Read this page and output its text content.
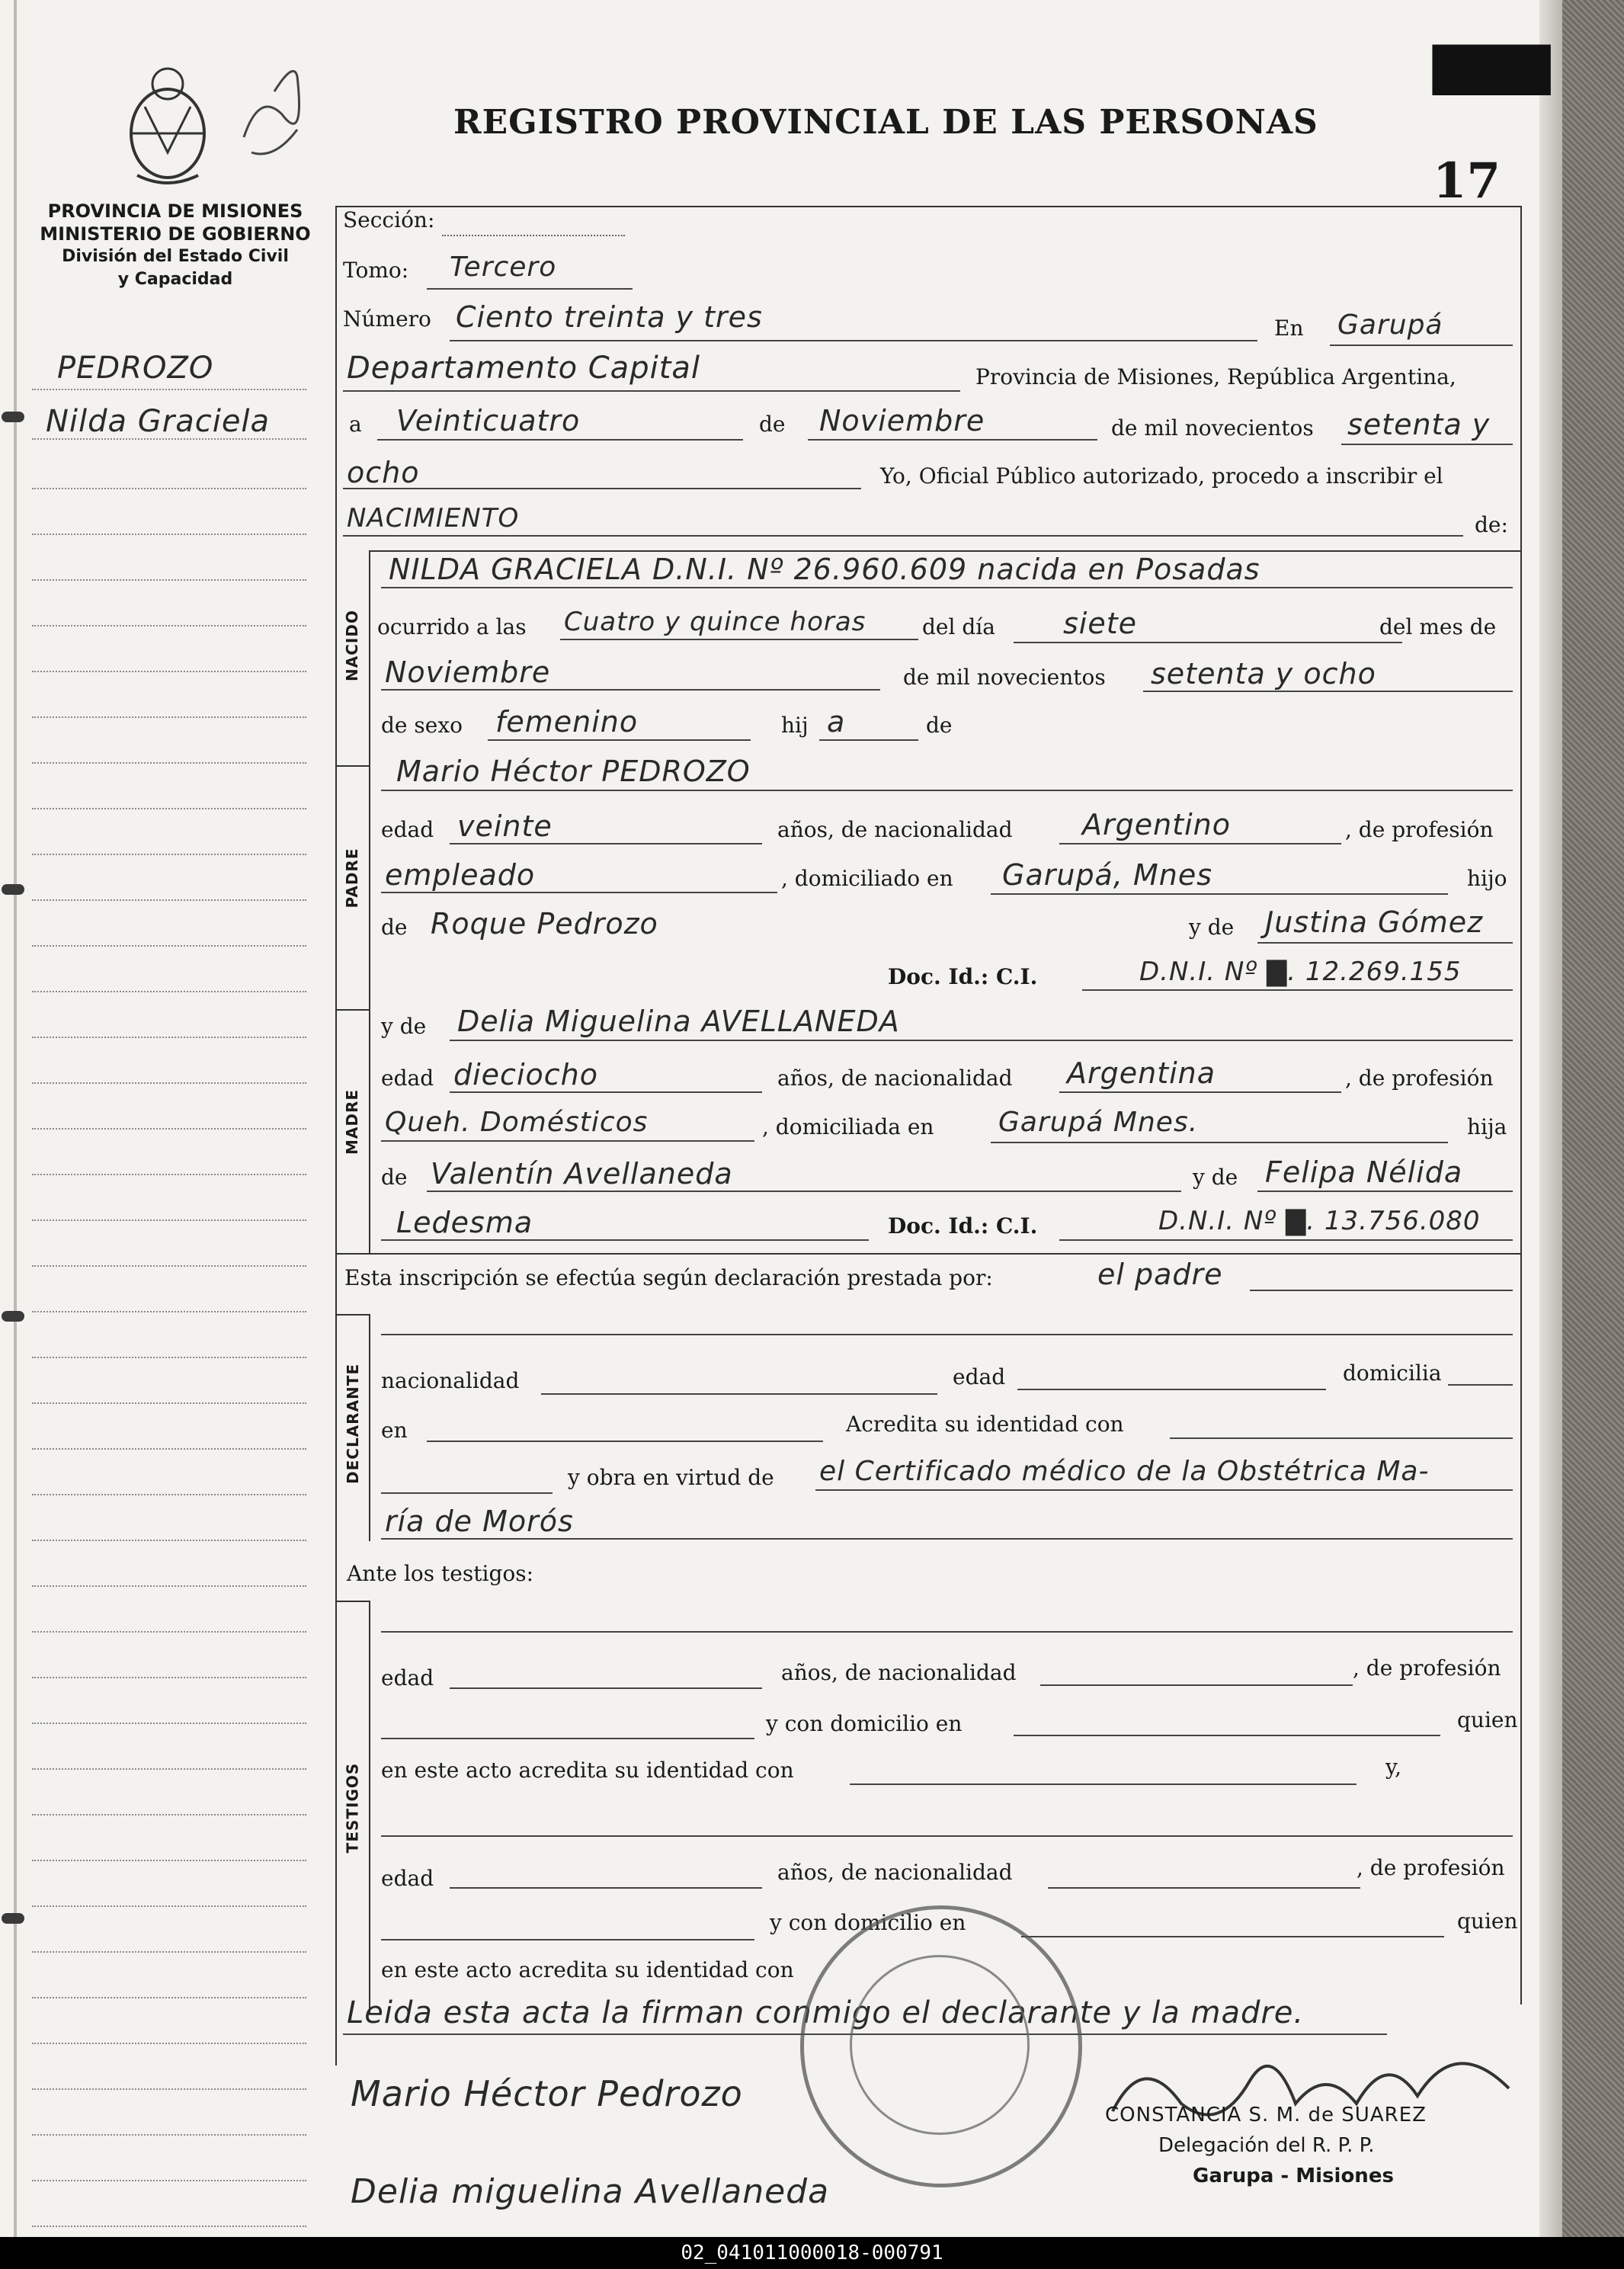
PROVINCIA DE MISIONES
MINISTERIO DE GOBIERNO
División del Estado Civil
y Capacidad
REGISTRO PROVINCIAL DE LAS PERSONAS
17
████
PEDROZO
Nilda Graciela
Sección:
Tomo: Tercero
Número Ciento treinta y tres	En Garupá
Departamento Capital	Provincia de Misiones, República Argentina,
a Veinticuatro	de Noviembre	de mil novecientos setenta y
ocho	Yo, Oficial Público autorizado, procedo a inscribir el
NACIMIENTO	de:
NACIDO
NILDA GRACIELA D.N.I. Nº 26.960.609 nacida en Posadas
ocurrido a las Cuatro y quince horas	del día siete	del mes de
Noviembre	de mil novecientos setenta y ocho
de sexo femenino	hij a	de
PADRE
Mario Héctor PEDROZO
edad veinte	años, de nacionalidad Argentino	, de profesión
empleado	, domiciliado en Garupá, Mnes	hijo
de Roque Pedrozo	y de Justina Gómez
Doc. Id.: C.I.	D.N.I. Nº ▇. 12.269.155
MADRE
y de Delia Miguelina AVELLANEDA
edad dieciocho	años, de nacionalidad Argentina	, de profesión
Queh. Domésticos	, domiciliada en Garupá Mnes.	hija
de Valentín Avellaneda	y de Felipa Nélida
Ledesma	Doc. Id.: C.I.	D.N.I. Nº ▇. 13.756.080
Esta inscripción se efectúa según declaración prestada por:	el padre
DECLARANTE nacionalidad	edad	domicilia
en	Acredita su identidad con
y obra en virtud de el Certificado médico de la Obstétrica Ma-
ría de Morós
Ante los testigos:
TESTIGOS
edad	años, de nacionalidad	, de profesión
y con domicilio en	quien
en este acto acredita su identidad con	y,
edad	años, de nacionalidad	, de profesión
y con domicilio en	quien
en este acto acredita su identidad con
Leida esta acta la firman conmigo el declarante y la madre.
Mario Héctor Pedrozo
Delia miguelina Avellaneda
CONSTANCIA S. M. de SUAREZ
Delegación del R. P. P.
Garupa - Misiones
02_041011000018-000791
